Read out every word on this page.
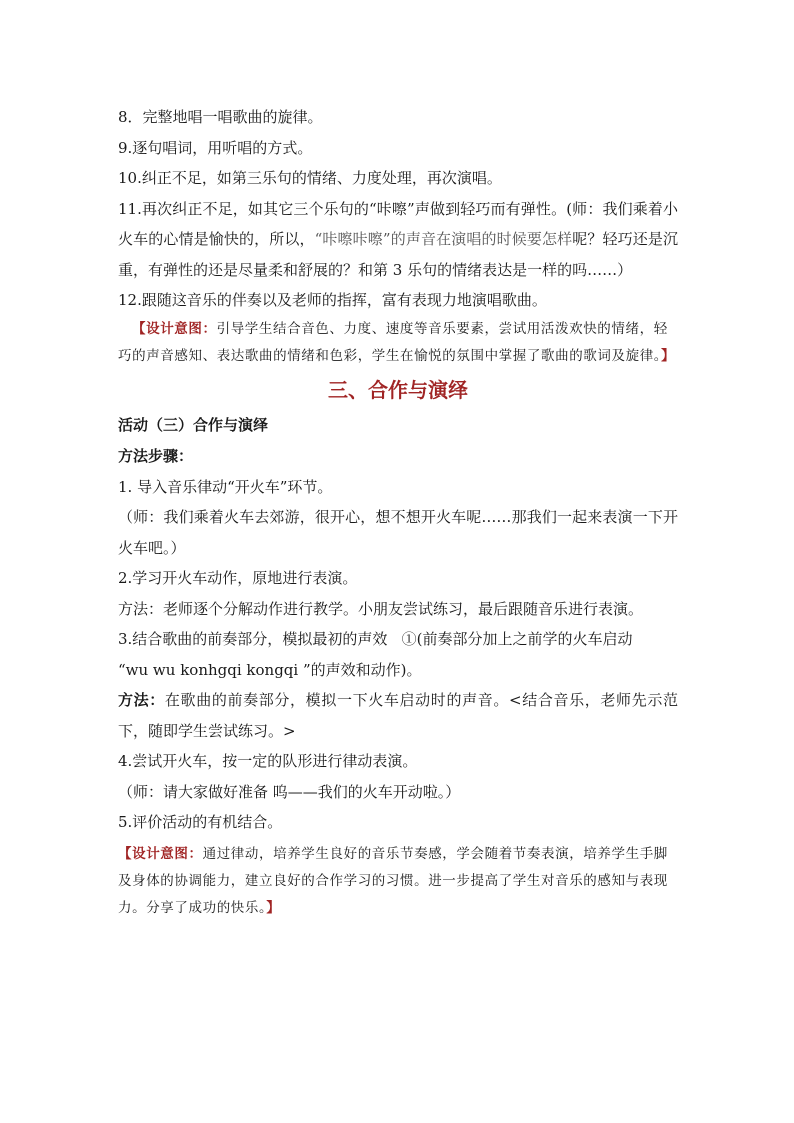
8．完整地唱一唱歌曲的旋律。

9.逐句唱词，用听唱的方式。

10.纠正不足，如第三乐句的情绪、力度处理，再次演唱。

11.再次纠正不足，如其它三个乐句的“咔嚓”声做到轻巧而有弹性。(师：我们乘着小火车的心情是愉快的，所以，“咔嚓咔嚓”的声音在演唱的时候要怎样呢？轻巧还是沉重，有弹性的还是尽量柔和舒展的？和第 3 乐句的情绪表达是一样的吗……）

12.跟随这音乐的伴奏以及老师的指挥，富有表现力地演唱歌曲。

【设计意图：引导学生结合音色、力度、速度等音乐要素，尝试用活泼欢快的情绪，轻巧的声音感知、表达歌曲的情绪和色彩，学生在愉悦的氛围中掌握了歌曲的歌词及旋律。】

三、合作与演绎

活动（三）合作与演绎

方法步骤：

1. 导入音乐律动“开火车”环节。

（师：我们乘着火车去郊游，很开心，想不想开火车呢……那我们一起来表演一下开火车吧。）

2.学习开火车动作，原地进行表演。

方法：老师逐个分解动作进行教学。小朋友尝试练习，最后跟随音乐进行表演。

3.结合歌曲的前奏部分，模拟最初的声效   ①(前奏部分加上之前学的火车启动

“wu wu konhgqi kongqi ”的声效和动作)。

方法：在歌曲的前奏部分，模拟一下火车启动时的声音。<结合音乐，老师先示范下，随即学生尝试练习。>

4.尝试开火车，按一定的队形进行律动表演。

（师：请大家做好准备 呜——我们的火车开动啦。）

5.评价活动的有机结合。

【设计意图：通过律动，培养学生良好的音乐节奏感，学会随着节奏表演，培养学生手脚及身体的协调能力，建立良好的合作学习的习惯。进一步提高了学生对音乐的感知与表现力。分享了成功的快乐。】
